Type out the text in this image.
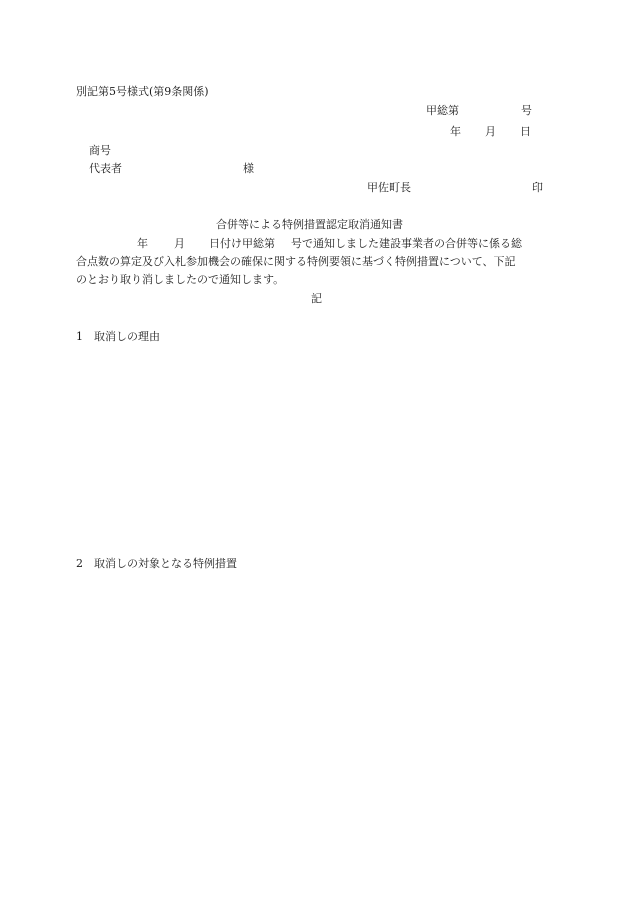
別記第5号様式(第9条関係)
甲総第	号
年 月 日
商号
代表者	様
甲佐町長	印
合併等による特例措置認定取消通知書
年 月 日付け甲総第 号で通知しました建設事業者の合併等に係る総
合点数の算定及び入札参加機会の確保に関する特例要領に基づく特例措置について、下記
のとおり取り消しましたので通知します。
記
1　取消しの理由
2　取消しの対象となる特例措置
